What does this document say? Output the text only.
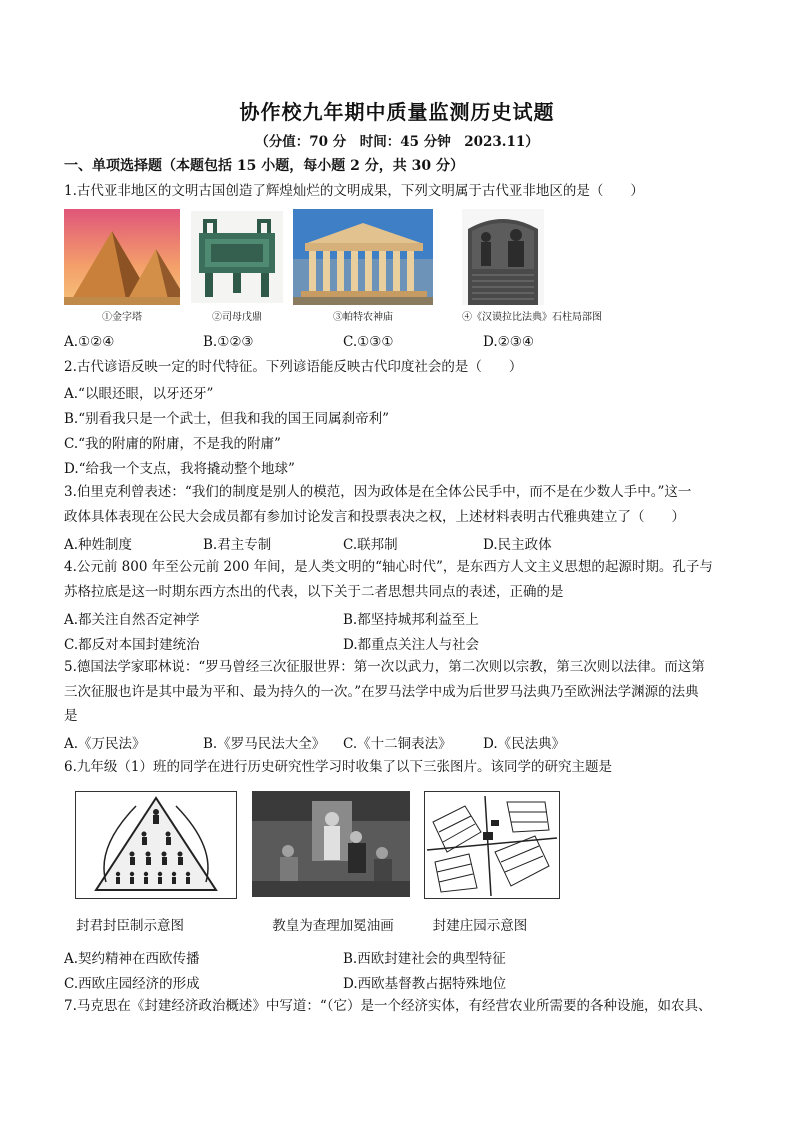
协作校九年期中质量监测历史试题
（分值：70 分　时间：45 分钟　2023.11）
一、单项选择题（本题包括 15 小题，每小题 2 分，共 30 分）
1.古代亚非地区的文明古国创造了辉煌灿烂的文明成果，下列文明属于古代亚非地区的是（　　）
①金字塔	②司母戊鼎	③帕特农神庙	④《汉谟拉比法典》石柱局部图
A.①②④	B.①②③	C.①③①	D.②③④
2.古代谚语反映一定的时代特征。下列谚语能反映古代印度社会的是（　　）
A.“以眼还眼，以牙还牙”
B.“别看我只是一个武士，但我和我的国王同属刹帝利”
C.“我的附庸的附庸，不是我的附庸”
D.“给我一个支点，我将撬动整个地球”
3.伯里克利曾表述：“我们的制度是别人的模范，因为政体是在全体公民手中，而不是在少数人手中。”这一
政体具体表现在公民大会成员都有参加讨论发言和投票表决之权，上述材料表明古代雅典建立了（　　）
A.种姓制度	B.君主专制	C.联邦制	D.民主政体
4.公元前 800 年至公元前 200 年间，是人类文明的“轴心时代”，是东西方人文主义思想的起源时期。孔子与
苏格拉底是这一时期东西方杰出的代表，以下关于二者思想共同点的表述，正确的是
A.都关注自然否定神学	B.都坚持城邦利益至上
C.都反对本国封建统治	D.都重点关注人与社会
5.德国法学家耶林说：“罗马曾经三次征服世界：第一次以武力，第二次则以宗教，第三次则以法律。而这第
三次征服也许是其中最为平和、最为持久的一次。”在罗马法学中成为后世罗马法典乃至欧洲法学渊源的法典
是
A.《万民法》	B.《罗马民法大全》 C.《十二铜表法》 D.《民法典》
6.九年级（1）班的同学在进行历史研究性学习时收集了以下三张图片。该同学的研究主题是
封君封臣制示意图	教皇为查理加冕油画	封建庄园示意图
A.契约精神在西欧传播	B.西欧封建社会的典型特征
C.西欧庄园经济的形成	D.西欧基督教占据特殊地位
7.马克思在《封建经济政治概述》中写道：“（它）是一个经济实体，有经营农业所需要的各种设施，如农具、
